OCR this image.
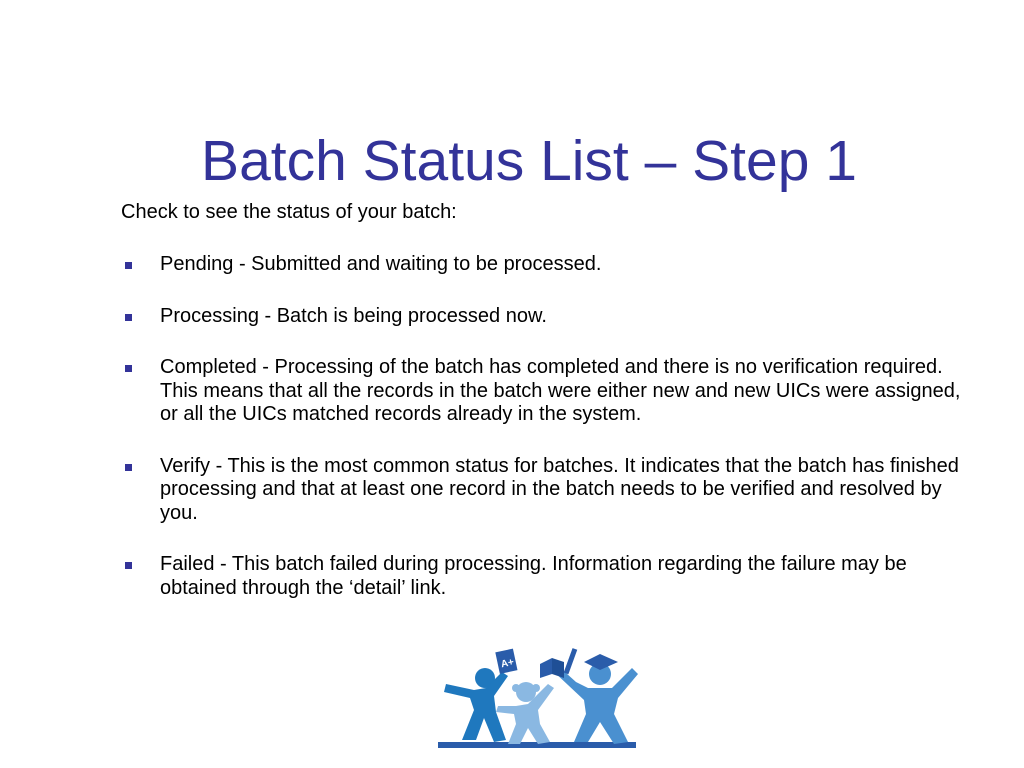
Batch Status List – Step 1
Check to see the status of your batch:
Pending - Submitted and waiting to be processed.
Processing - Batch is being processed now.
Completed - Processing of the batch has completed and there is no verification required. This means that all the records in the batch were either new and new UICs were assigned, or all the UICs matched records already in the system.
Verify - This is the most common status for batches. It indicates that the batch has finished processing and that at least one record in the batch needs to be verified and resolved by you.
Failed - This batch failed during processing. Information regarding the failure may be obtained through the ‘detail’ link.
A+
